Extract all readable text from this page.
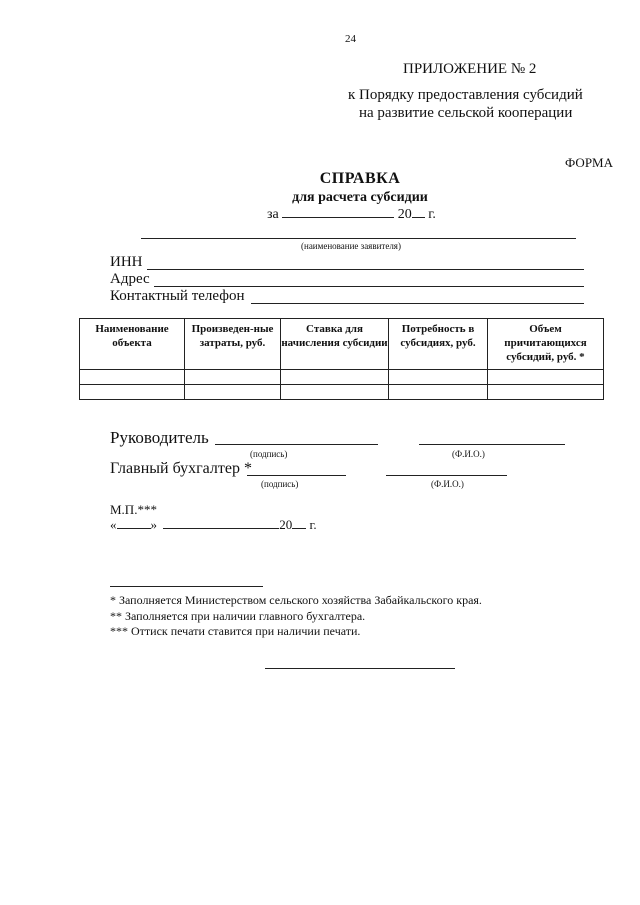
24
ПРИЛОЖЕНИЕ № 2
к Порядку предоставления субсидий
на развитие сельской кооперации
ФОРМА
СПРАВКА
для расчета субсидии
за	20 г.
(наименование заявителя)
ИНН
Адрес
Контактный телефон
Наименование объекта	Произведен-ные затраты, руб.	Ставка для начисления субсидии	Потребность в субсидиях, руб.	Объем причитающихся субсидий, руб. *

Руководитель
(подпись)	(Ф.И.О.)
Главный бухгалтер *
(подпись)	(Ф.И.О.)
М.П.***
«	»	20 г.
* Заполняется Министерством сельского хозяйства Забайкальского края.
** Заполняется при наличии главного бухгалтера.
*** Оттиск печати ставится при наличии печати.
